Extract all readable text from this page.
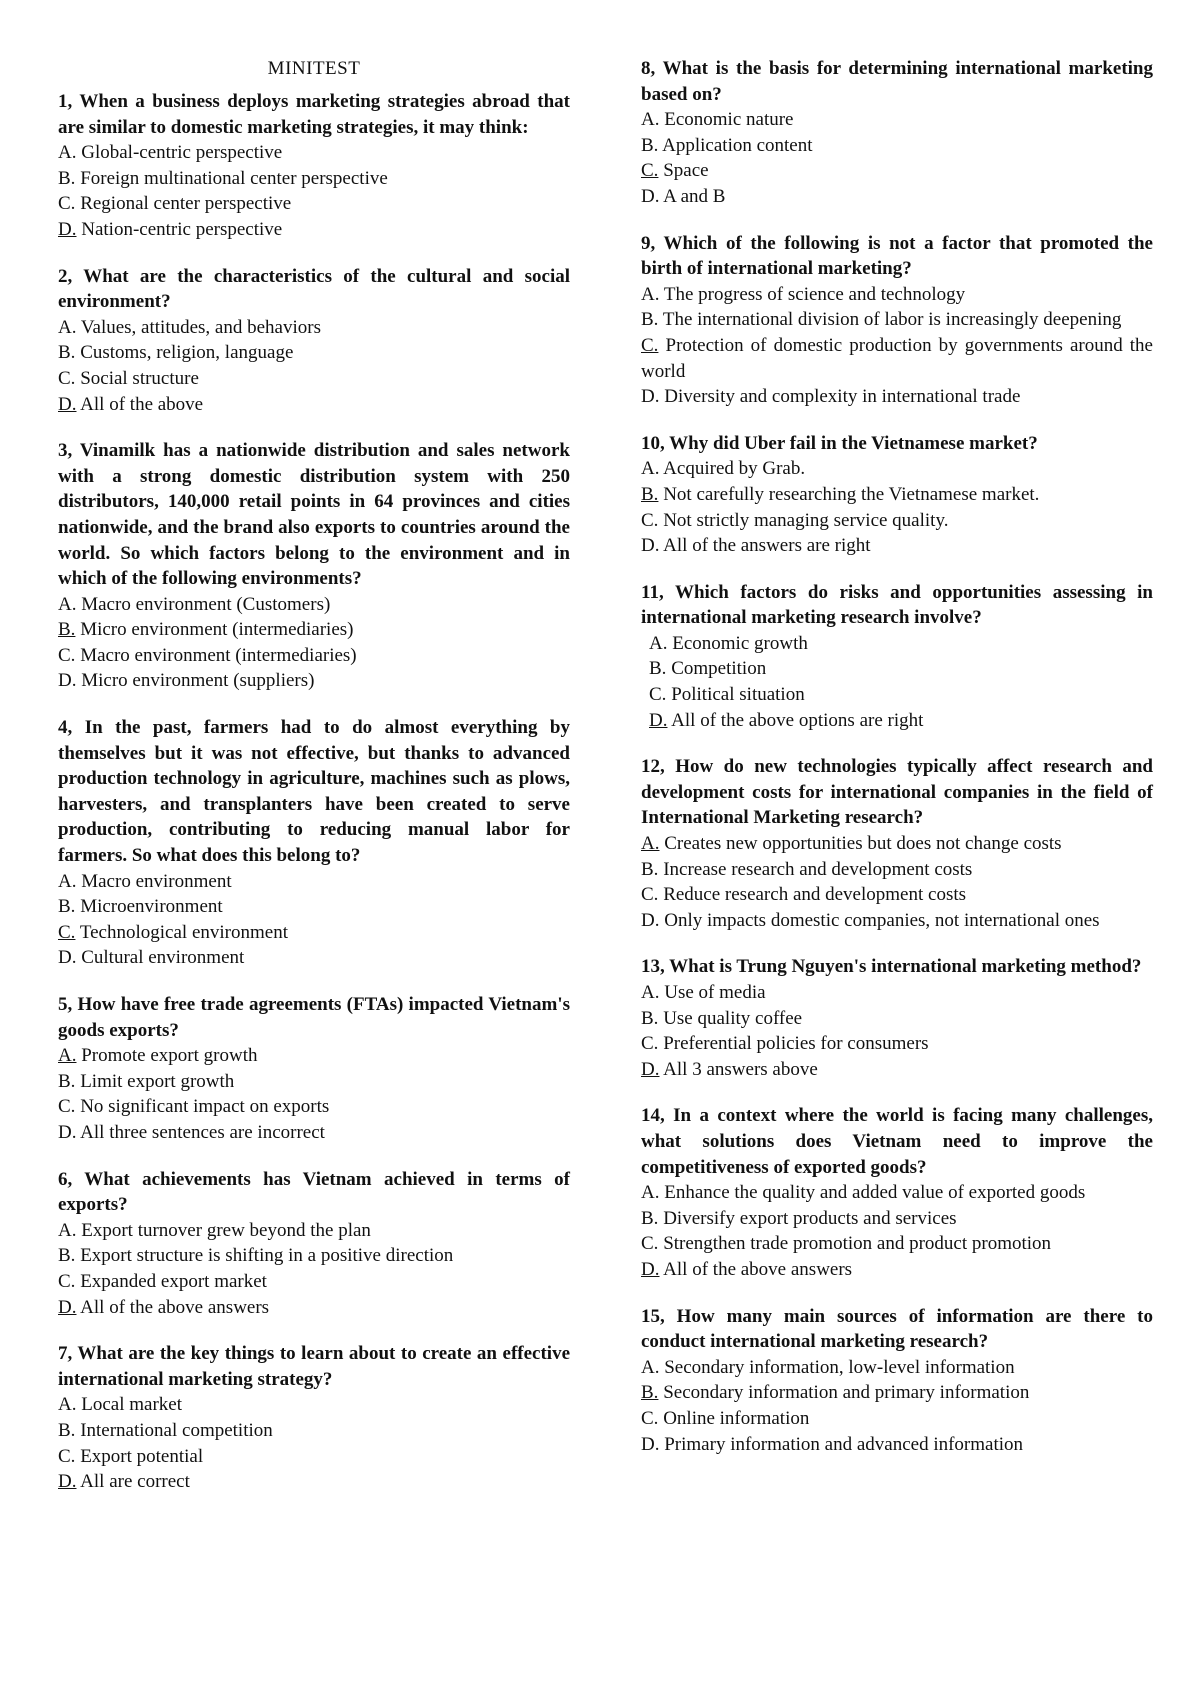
MINITEST

1, When a business deploys marketing strategies abroad that are similar to domestic marketing strategies, it may think:

A. Global-centric perspective
B. Foreign multinational center perspective
C. Regional center perspective
D. Nation-centric perspective

2, What are the characteristics of the cultural and social environment?

A. Values, attitudes, and behaviors
B. Customs, religion, language
C. Social structure
D. All of the above

3, Vinamilk has a nationwide distribution and sales network with a strong domestic distribution system with 250 distributors, 140,000 retail points in 64 provinces and cities nationwide, and the brand also exports to countries around the world. So which factors belong to the environment and in which of the following environments?

A. Macro environment (Customers)
B. Micro environment (intermediaries)
C. Macro environment (intermediaries)
D. Micro environment (suppliers)

4, In the past, farmers had to do almost everything by themselves but it was not effective, but thanks to advanced production technology in agriculture, machines such as plows, harvesters, and transplanters have been created to serve production, contributing to reducing manual labor for farmers. So what does this belong to?

A. Macro environment
B. Microenvironment
C. Technological environment
D. Cultural environment

5, How have free trade agreements (FTAs) impacted Vietnam's goods exports?

A. Promote export growth
B. Limit export growth
C. No significant impact on exports
D. All three sentences are incorrect

6, What achievements has Vietnam achieved in terms of exports?

A. Export turnover grew beyond the plan
B. Export structure is shifting in a positive direction
C. Expanded export market
D. All of the above answers

7, What are the key things to learn about to create an effective international marketing strategy?

A. Local market
B. International competition
C. Export potential
D. All are correct

8, What is the basis for determining international marketing based on?

A. Economic nature
B. Application content
C. Space
D. A and B

9, Which of the following is not a factor that promoted the birth of international marketing?

A. The progress of science and technology
B. The international division of labor is increasingly deepening
C. Protection of domestic production by governments around the world
D. Diversity and complexity in international trade

10, Why did Uber fail in the Vietnamese market?

A. Acquired by Grab.
B. Not carefully researching the Vietnamese market.
C. Not strictly managing service quality.
D. All of the answers are right

11, Which factors do risks and opportunities assessing in international marketing research involve?

A. Economic growth
B. Competition
C. Political situation
D. All of the above options are right

12, How do new technologies typically affect research and development costs for international companies in the field of International Marketing research?

A. Creates new opportunities but does not change costs
B. Increase research and development costs
C. Reduce research and development costs
D. Only impacts domestic companies, not international ones

13, What is Trung Nguyen's international marketing method?

A. Use of media
B. Use quality coffee
C. Preferential policies for consumers
D. All 3 answers above

14, In a context where the world is facing many challenges, what solutions does Vietnam need to improve the competitiveness of exported goods?

A. Enhance the quality and added value of exported goods
B. Diversify export products and services
C. Strengthen trade promotion and product promotion
D. All of the above answers

15, How many main sources of information are there to conduct international marketing research?

A. Secondary information, low-level information
B. Secondary information and primary information
C. Online information
D. Primary information and advanced information
